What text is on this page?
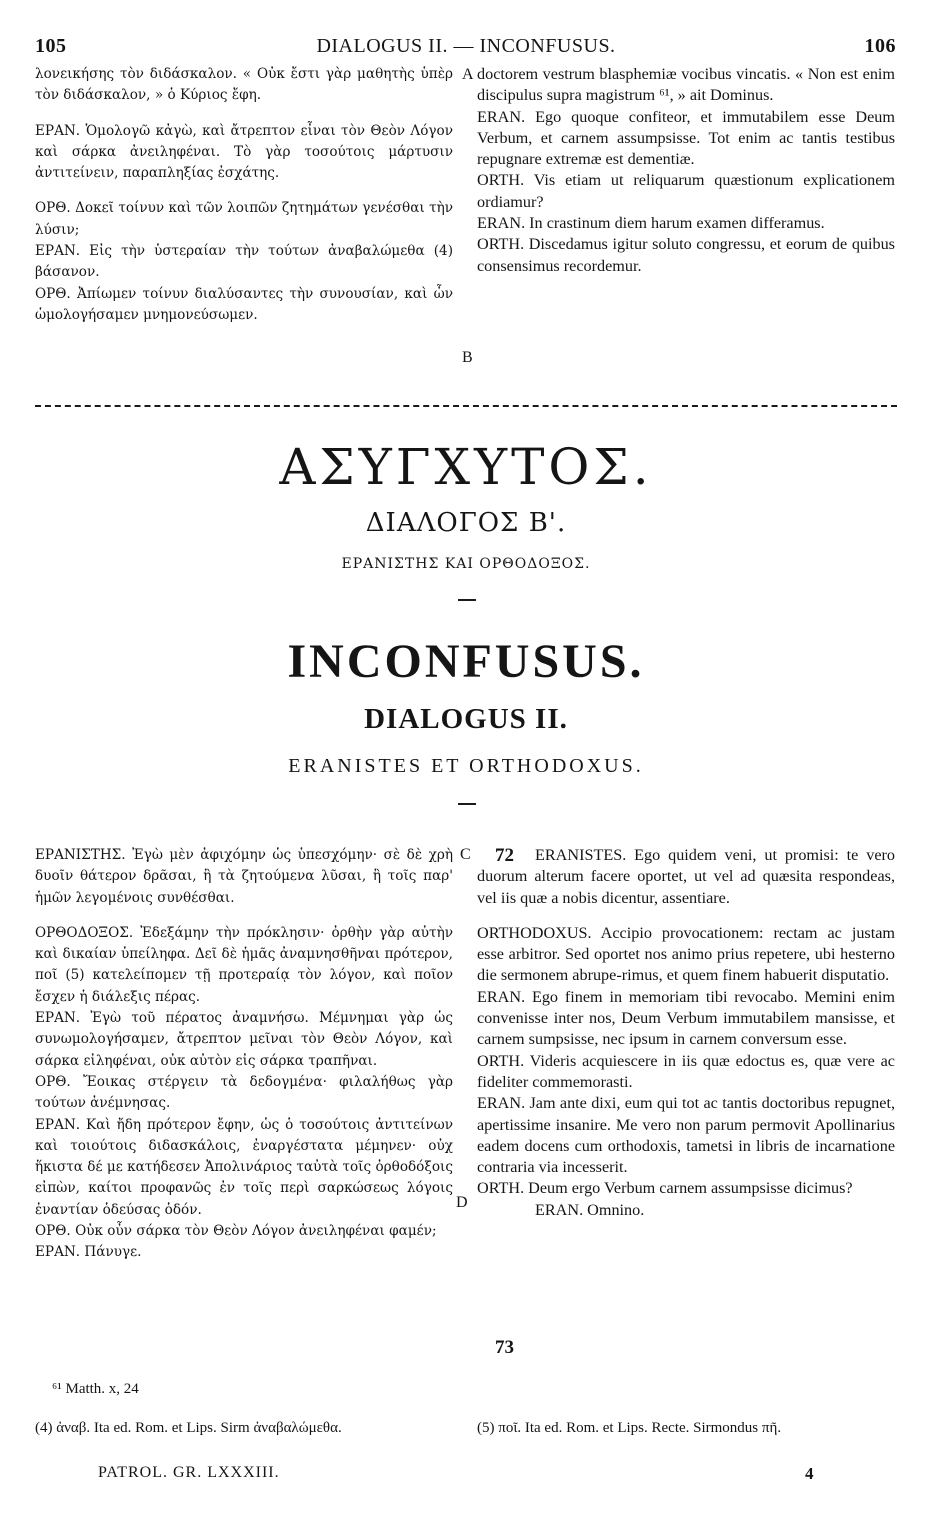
105	DIALOGUS II. — INCONFUSUS.	106

λονεικήσης τὸν διδάσκαλον. « Οὐκ ἔστι γὰρ μαθητὴς ὑπὲρ τὸν διδάσκαλον, » ὁ Κύριος ἔφη.

ΕΡΑΝ. Ὁμολογῶ κἀγὼ, καὶ ἄτρεπτον εἶναι τὸν Θεὸν Λόγον καὶ σάρκα ἀνειληφέναι. Τὸ γὰρ τοσούτοις μάρτυσιν ἀντιτείνειν, παραπληξίας ἐσχάτης.

ΟΡΘ. Δοκεῖ τοίνυν καὶ τῶν λοιπῶν ζητημάτων γενέσθαι τὴν λύσιν;

ΕΡΑΝ. Εἰς τὴν ὑστεραίαν τὴν τούτων ἀναβαλώμεθα (4) βάσανον.

ΟΡΘ. Ἀπίωμεν τοίνυν διαλύσαντες τὴν συνουσίαν, καὶ ὧν ὡμολογήσαμεν μνημονεύσωμεν.

A
B

doctorem vestrum blasphemiæ vocibus vincatis. « Non est enim discipulus supra magistrum ⁶¹, » ait Dominus.

ERAN. Ego quoque confiteor, et immutabilem esse Deum Verbum, et carnem assumpsisse. Tot enim ac tantis testibus repugnare extremæ est dementiæ.

ORTH. Vis etiam ut reliquarum quæstionum explicationem ordiamur?

ERAN. In crastinum diem harum examen differamus.

ORTH. Discedamus igitur soluto congressu, et eorum de quibus consensimus recordemur.

ΑΣΥΓΧΥΤΟΣ.
ΔΙΑΛΟΓΟΣ Β'.
ΕΡΑΝΙΣΤΗΣ ΚΑΙ ΟΡΘΟΔΟΞΟΣ.
INCONFUSUS.
DIALOGUS II.
ERANISTES ET ORTHODOXUS.

ΕΡΑΝΙΣΤΗΣ. Ἐγὼ μὲν ἀφιχόμην ὡς ὑπεσχόμην· σὲ δὲ χρὴ δυοῖν θάτερον δρᾶσαι, ἢ τὰ ζητούμενα λῦσαι, ἢ τοῖς παρ' ἡμῶν λεγομένοις συνθέσθαι.

ΟΡΘΟΔΟΞΟΣ. Ἐδεξάμην τὴν πρόκλησιν· ὀρθὴν γὰρ αὐτὴν καὶ δικαίαν ὑπείληφα. Δεῖ δὲ ἡμᾶς ἀναμνησθῆναι πρότερον, ποῖ (5) κατελείπομεν τῇ προτεραίᾳ τὸν λόγον, καὶ ποῖον ἔσχεν ἡ διάλεξις πέρας.

ΕΡΑΝ. Ἐγὼ τοῦ πέρατος ἀναμνήσω. Μέμνημαι γὰρ ὡς συνωμολογήσαμεν, ἄτρεπτον μεῖναι τὸν Θεὸν Λόγον, καὶ σάρκα εἰληφέναι, οὐκ αὐτὸν εἰς σάρκα τραπῆναι.

ΟΡΘ. Ἔοικας στέργειν τὰ δεδογμένα· φιλαλήθως γὰρ τούτων ἀνέμνησας.

ΕΡΑΝ. Καὶ ἤδη πρότερον ἔφην, ὡς ὁ τοσούτοις ἀντιτείνων καὶ τοιούτοις διδασκάλοις, ἐναργέστατα μέμηνεν· οὐχ ἥκιστα δέ με κατήδεσεν Ἀπολινάριος ταὐτὰ τοῖς ὀρθοδόξοις εἰπὼν, καίτοι προφανῶς ἐν τοῖς περὶ σαρκώσεως λόγοις ἐναντίαν ὁδεύσας ὁδόν.

ΟΡΘ. Οὐκ οὖν σάρκα τὸν Θεὸν Λόγον ἀνειληφέναι φαμέν;

ΕΡΑΝ. Πάνυγε.

C
D
72
73

ERANISTES. Ego quidem veni, ut promisi: te vero duorum alterum facere oportet, ut vel ad quæsita respondeas, vel iis quæ a nobis dicentur, assentiare.

ORTHODOXUS. Accipio provocationem: rectam ac justam esse arbitror. Sed oportet nos animo prius repetere, ubi hesterno die sermonem abrupe-rimus, et quem finem habuerit disputatio.

ERAN. Ego finem in memoriam tibi revocabo. Memini enim convenisse inter nos, Deum Verbum immutabilem mansisse, et carnem sumpsisse, nec ipsum in carnem conversum esse.

ORTH. Videris acquiescere in iis quæ edoctus es, quæ vere ac fideliter commemorasti.

ERAN. Jam ante dixi, eum qui tot ac tantis doctoribus repugnet, apertissime insanire. Me vero non parum permovit Apollinarius eadem docens cum orthodoxis, tametsi in libris de incarnatione contraria via incesserit.

ORTH. Deum ergo Verbum carnem assumpsisse dicimus?

ERAN. Omnino.

⁶¹ Matth. x, 24
(4) ἀναβ. Ita ed. Rom. et Lips. Sirm ἀναβαλώμεθα.	(5) ποῖ. Ita ed. Rom. et Lips. Recte. Sirmondus πῆ.
PATROL. GR. LXXXIII.	4
